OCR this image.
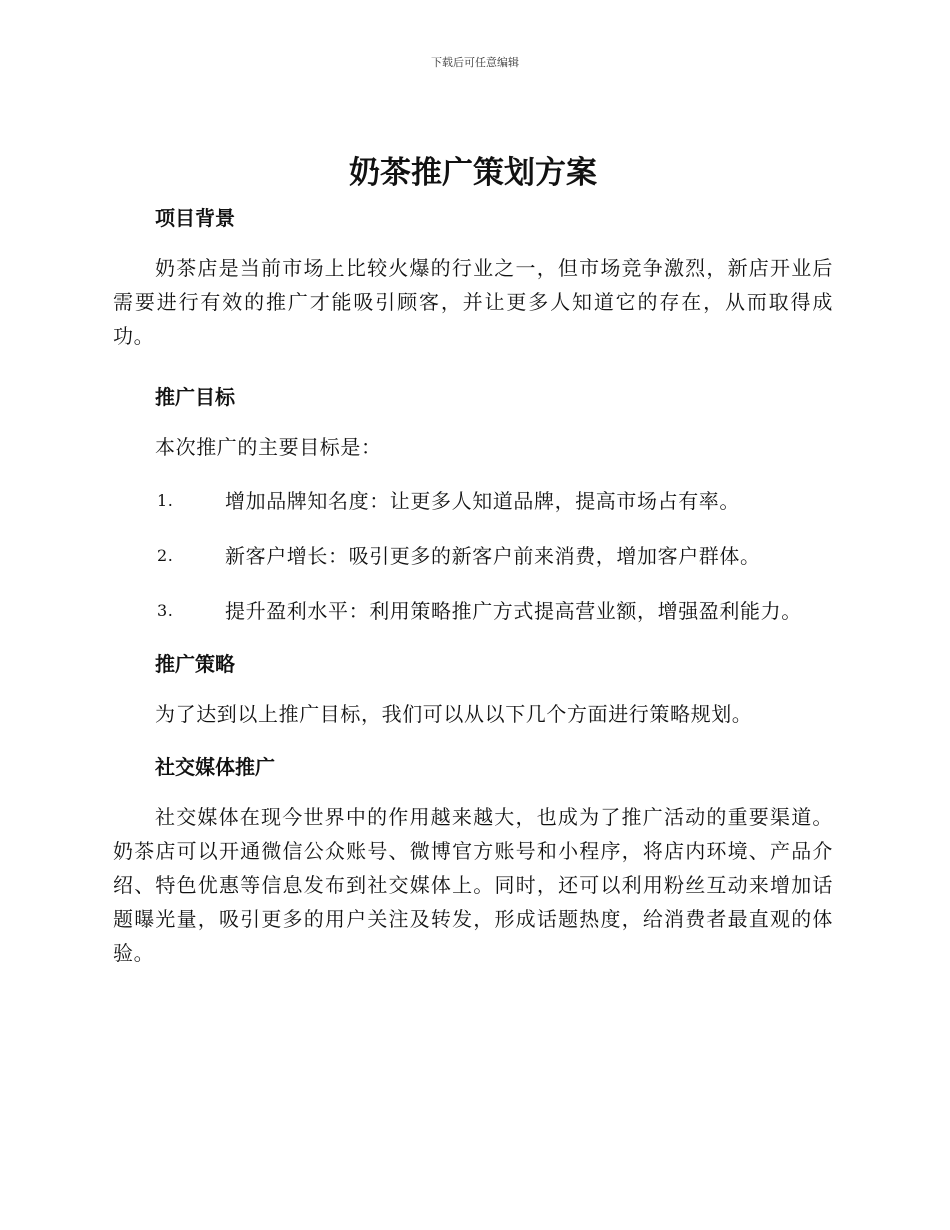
下载后可任意编辑
奶茶推广策划方案
项目背景

奶茶店是当前市场上比较火爆的行业之一，但市场竞争激烈，新店开业后需要进行有效的推广才能吸引顾客，并让更多人知道它的存在，从而取得成功。

推广目标

本次推广的主要目标是：

1.	增加品牌知名度：让更多人知道品牌，提高市场占有率。
2.	新客户增长：吸引更多的新客户前来消费，增加客户群体。
3.	提升盈利水平：利用策略推广方式提高营业额，增强盈利能力。
推广策略

为了达到以上推广目标，我们可以从以下几个方面进行策略规划。

社交媒体推广

社交媒体在现今世界中的作用越来越大，也成为了推广活动的重要渠道。奶茶店可以开通微信公众账号、微博官方账号和小程序，将店内环境、产品介绍、特色优惠等信息发布到社交媒体上。同时，还可以利用粉丝互动来增加话题曝光量，吸引更多的用户关注及转发，形成话题热度，给消费者最直观的体验。
